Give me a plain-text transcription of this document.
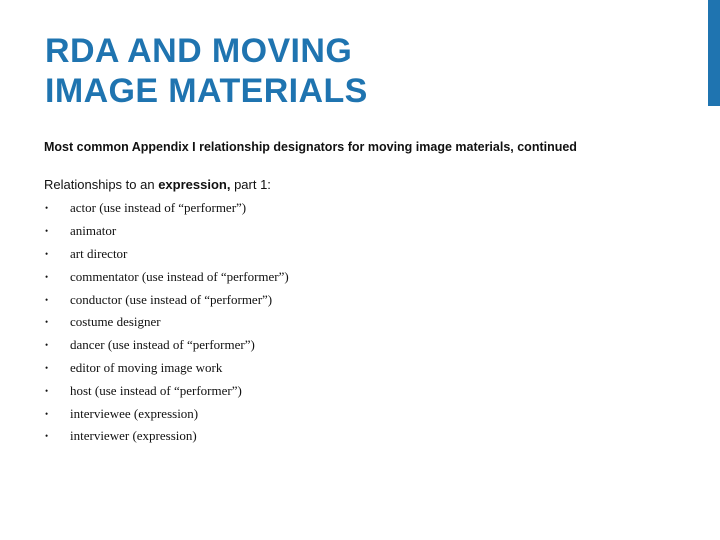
RDA AND MOVING
IMAGE MATERIALS
Most common Appendix I relationship designators for moving image materials, continued
Relationships to an expression, part 1:
•	actor (use instead of “performer”)
•	animator
•	art director
•	commentator (use instead of “performer”)
•	conductor (use instead of “performer”)
•	costume designer
•	dancer (use instead of “performer”)
•	editor of moving image work
•	host (use instead of “performer”)
•	interviewee (expression)
•	interviewer (expression)
